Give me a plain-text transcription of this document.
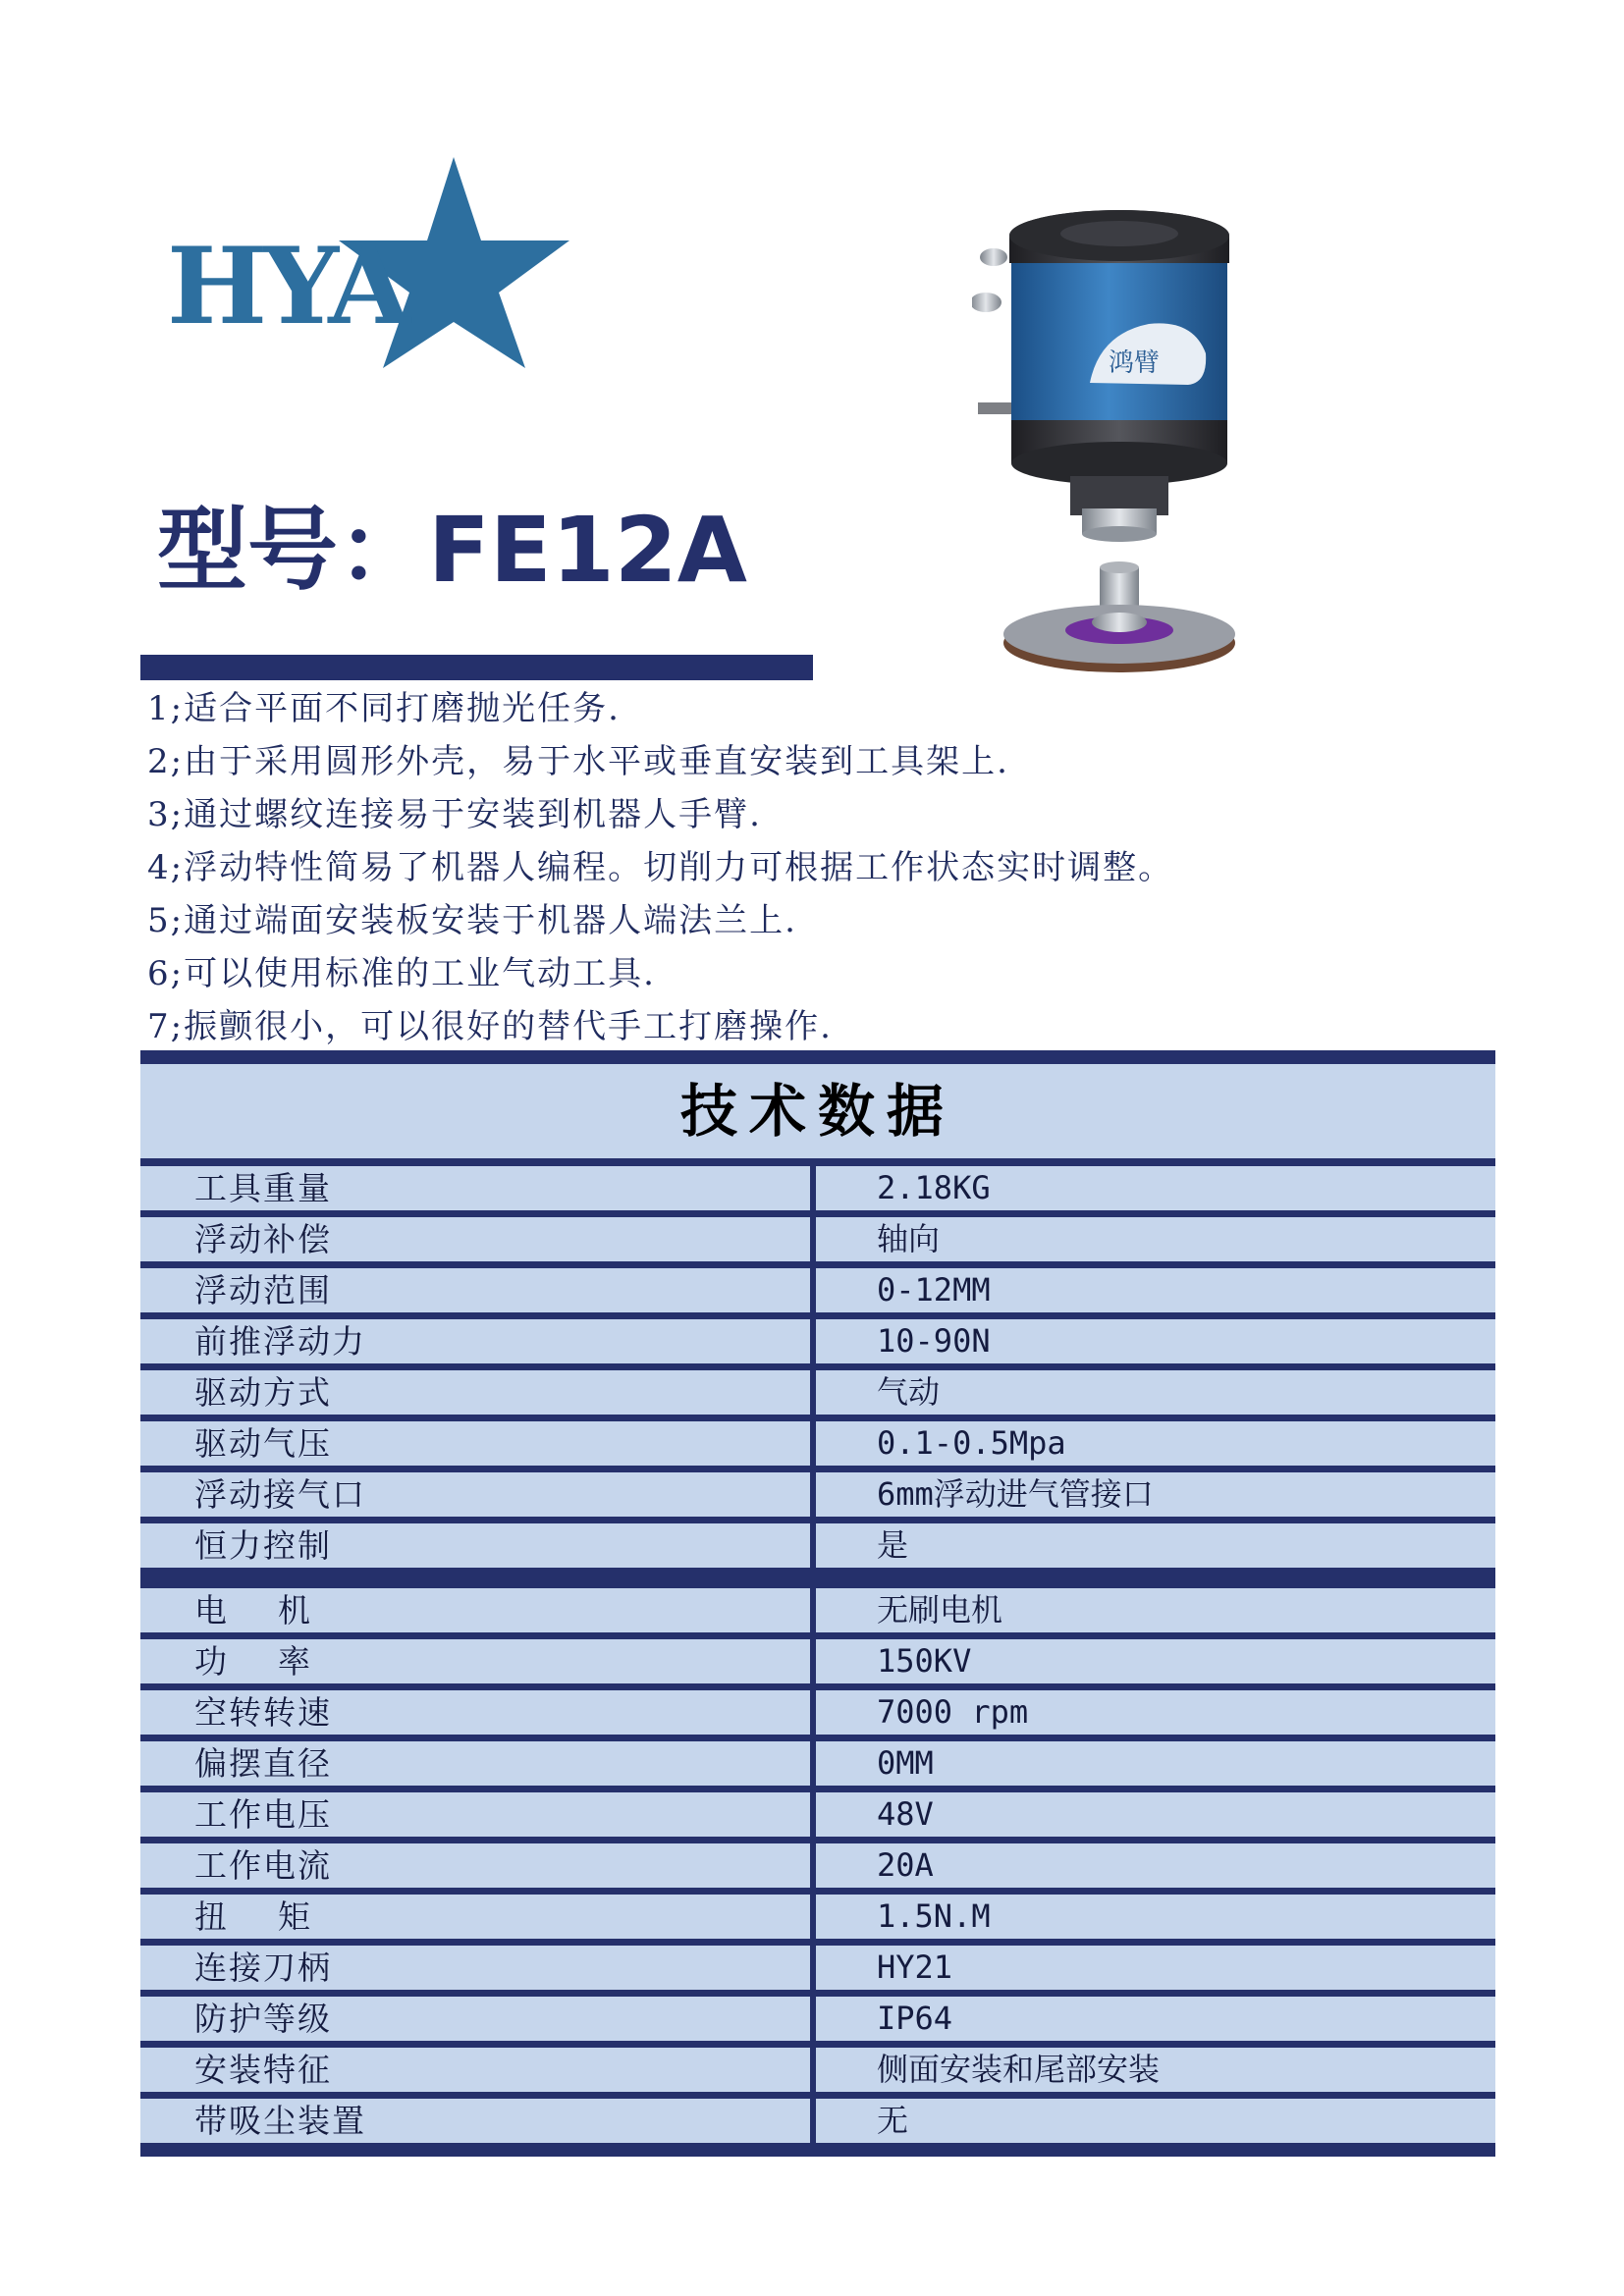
HYA
鸿臂
型号：FE12A
1;适合平面不同打磨抛光任务.
2;由于采用圆形外壳，易于水平或垂直安装到工具架上.
3;通过螺纹连接易于安装到机器人手臂.
4;浮动特性简易了机器人编程。切削力可根据工作状态实时调整。
5;通过端面安装板安装于机器人端法兰上.
6;可以使用标准的工业气动工具.
7;振颤很小，可以很好的替代手工打磨操作.
技术数据
工具重量	2.18KG
浮动补偿	轴向
浮动范围	0-12MM
前推浮动力	10-90N
驱动方式	气动
驱动气压	0.1-0.5Mpa
浮动接气口	6mm浮动进气管接口
恒力控制	是
电    机	无刷电机
功    率	150KV
空转转速	7000 rpm
偏摆直径	0MM
工作电压	48V
工作电流	20A
扭    矩	1.5N.M
连接刀柄	HY21
防护等级	IP64
安装特征	侧面安装和尾部安装
带吸尘装置	无
